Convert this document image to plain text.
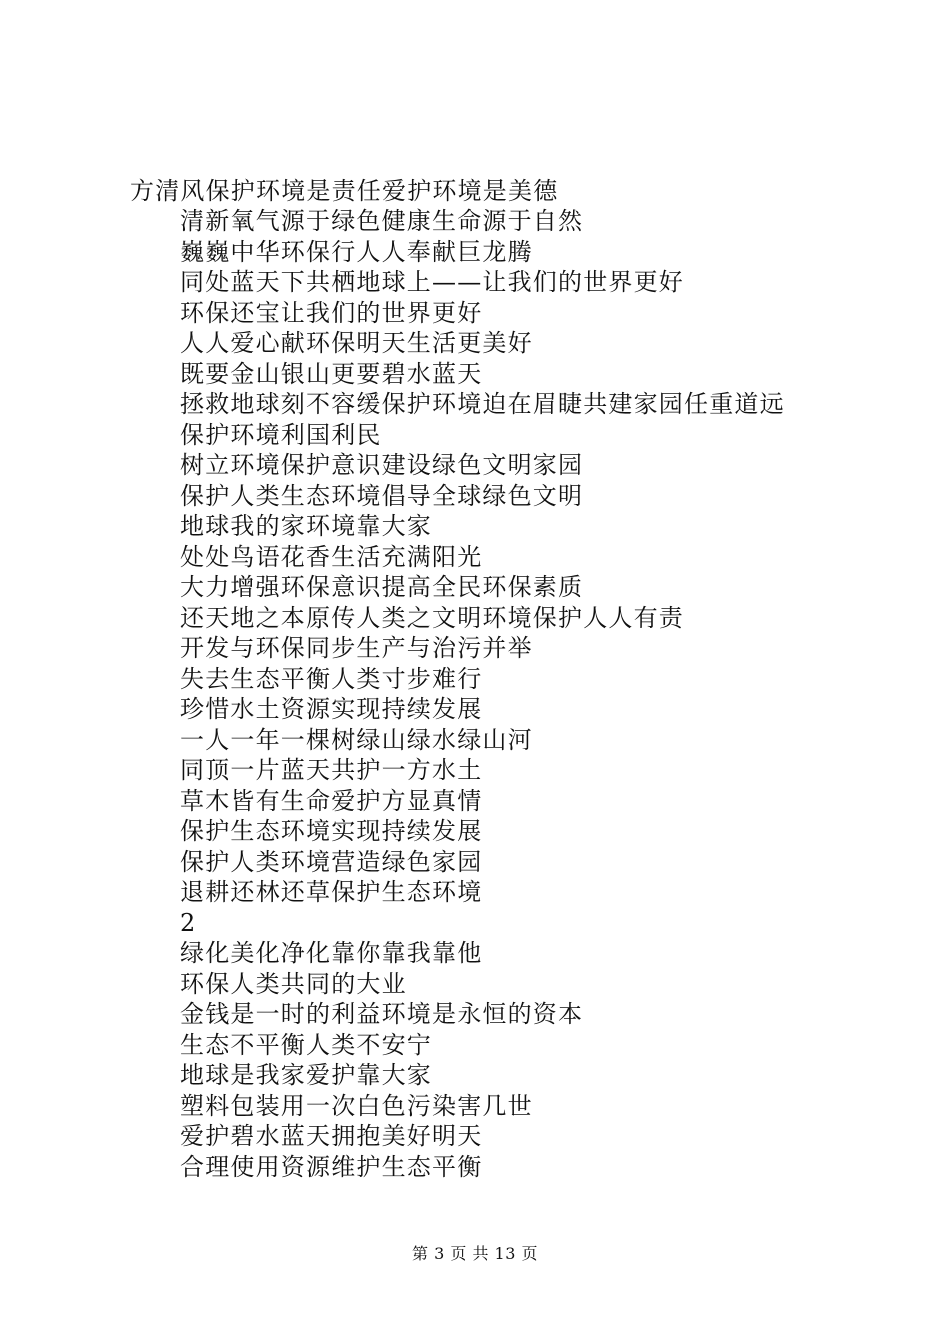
方清风保护环境是责任爱护环境是美德
清新氧气源于绿色健康生命源于自然
巍巍中华环保行人人奉献巨龙腾
同处蓝天下共栖地球上——让我们的世界更好
环保还宝让我们的世界更好
人人爱心献环保明天生活更美好
既要金山银山更要碧水蓝天
拯救地球刻不容缓保护环境迫在眉睫共建家园任重道远
保护环境利国利民
树立环境保护意识建设绿色文明家园
保护人类生态环境倡导全球绿色文明
地球我的家环境靠大家
处处鸟语花香生活充满阳光
大力增强环保意识提高全民环保素质
还天地之本原传人类之文明环境保护人人有责
开发与环保同步生产与治污并举
失去生态平衡人类寸步难行
珍惜水土资源实现持续发展
一人一年一棵树绿山绿水绿山河
同顶一片蓝天共护一方水土
草木皆有生命爱护方显真情
保护生态环境实现持续发展
保护人类环境营造绿色家园
退耕还林还草保护生态环境
2
绿化美化净化靠你靠我靠他
环保人类共同的大业
金钱是一时的利益环境是永恒的资本
生态不平衡人类不安宁
地球是我家爱护靠大家
塑料包装用一次白色污染害几世
爱护碧水蓝天拥抱美好明天
合理使用资源维护生态平衡
第 3 页 共 13 页
